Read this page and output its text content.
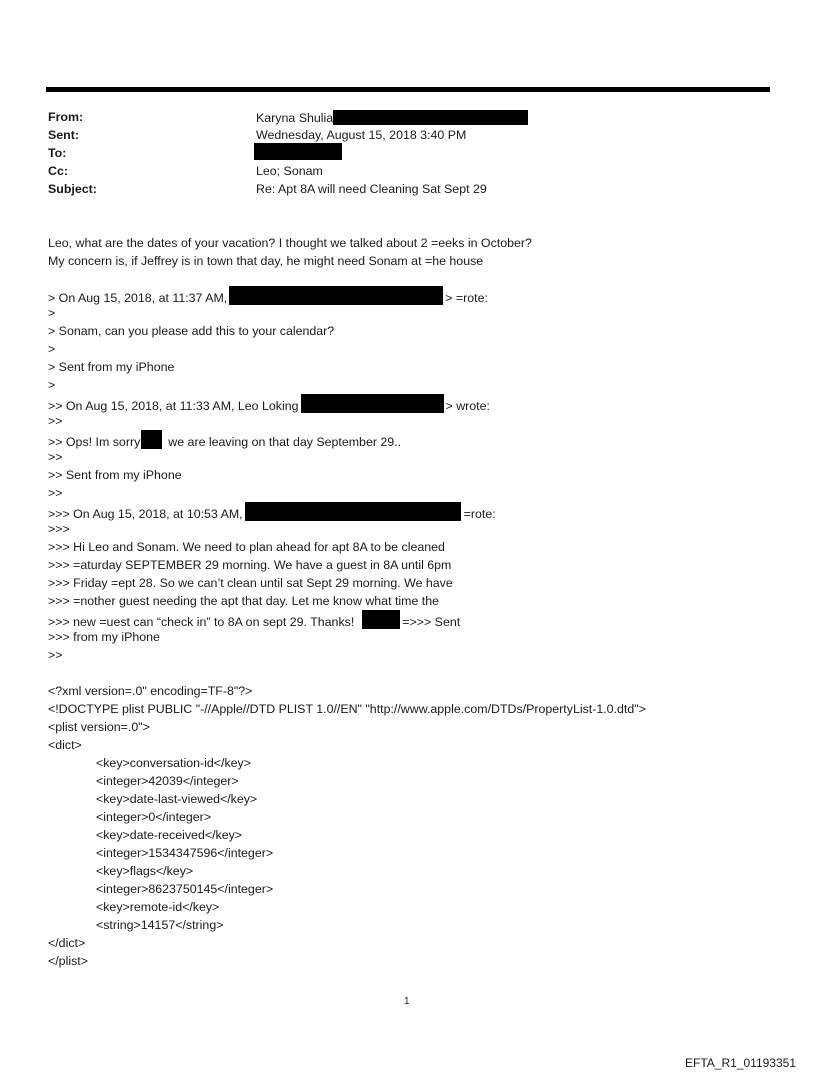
From:	Karyna Shulia
Sent:	Wednesday, August 15, 2018 3:40 PM
To:
Cc:	Leo; Sonam
Subject:	Re: Apt 8A will need Cleaning Sat Sept 29
Leo, what are the dates of your vacation? I thought we talked about 2 =eeks in October?
My concern is, if Jeffrey is in town that day, he might need Sonam at =he house
> On Aug 15, 2018, at 11:37 AM,	> =rote:
>
> Sonam, can you please add this to your calendar?
>
> Sent from my iPhone
>
>> On Aug 15, 2018, at 11:33 AM, Leo Loking	> wrote:
>>
>> Ops! Im sorry we are leaving on that day September 29..
>>
>> Sent from my iPhone
>>
>>> On Aug 15, 2018, at 10:53 AM,	=rote:
>>>
>>> Hi Leo and Sonam. We need to plan ahead for apt 8A to be cleaned
>>> =aturday SEPTEMBER 29 morning. We have a guest in 8A until 6pm
>>> Friday =ept 28. So we can’t clean until sat Sept 29 morning. We have
>>> =nother guest needing the apt that day. Let me know what time the
>>> new =uest can “check in” to 8A on sept 29. Thanks!	=>>> Sent
>>> from my iPhone
>>
<?xml version=.0" encoding=TF-8"?>
<!DOCTYPE plist PUBLIC "-//Apple//DTD PLIST 1.0//EN" "http://www.apple.com/DTDs/PropertyList-1.0.dtd">
<plist version=.0">
<dict>
<key>conversation-id</key>
<integer>42039</integer>
<key>date-last-viewed</key>
<integer>0</integer>
<key>date-received</key>
<integer>1534347596</integer>
<key>flags</key>
<integer>8623750145</integer>
<key>remote-id</key>
<string>14157</string>
</dict>
</plist>
1
EFTA_R1_01193351
